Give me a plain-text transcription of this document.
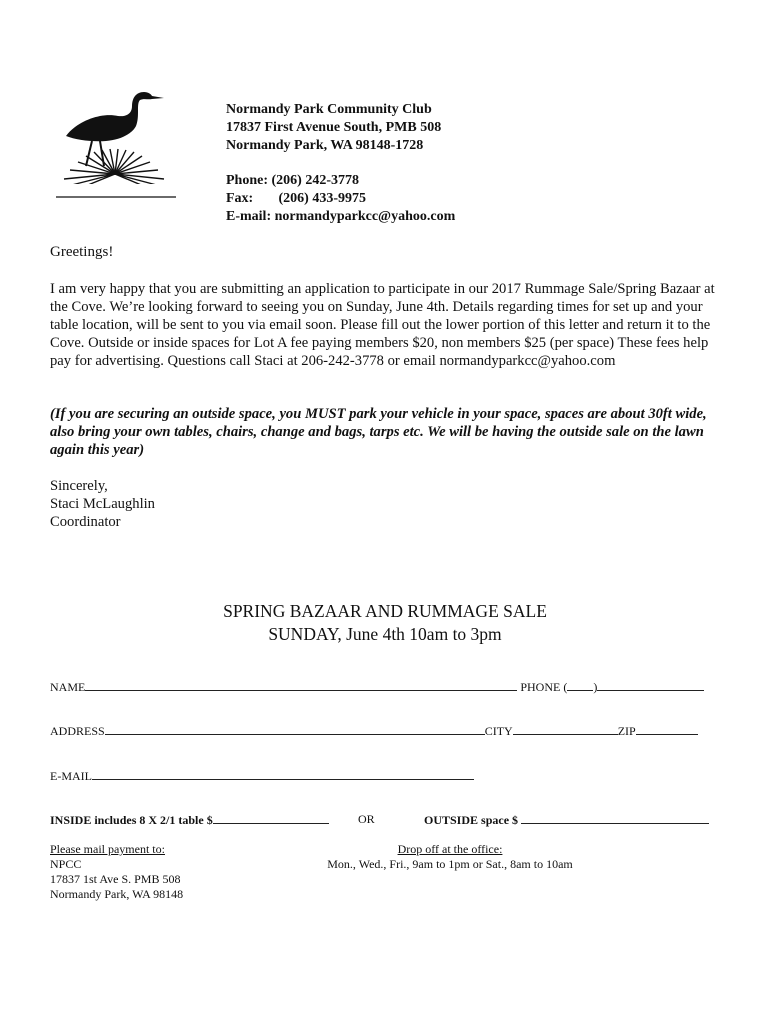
Normandy Park Community Club
17837 First Avenue South, PMB 508
Normandy Park, WA 98148-1728
Phone: (206) 242-3778
Fax: (206) 433-9975
E-mail: normandyparkcc@yahoo.com
Greetings!
I am very happy that you are submitting an application to participate in our 2017 Rummage Sale/Spring Bazaar at the Cove. We’re looking forward to seeing you on Sunday, June 4th. Details regarding times for set up and your table location, will be sent to you via email soon. Please fill out the lower portion of this letter and return it to the Cove. Outside or inside spaces for Lot A fee paying members $20, non members $25 (per space) These fees help pay for advertising. Questions call Staci at 206-242-3778 or email normandyparkcc@yahoo.com
(If you are securing an outside space, you MUST park your vehicle in your space, spaces are about 30ft wide, also bring your own tables, chairs, change and bags, tarps etc. We will be having the outside sale on the lawn again this year)
Sincerely,
Staci McLaughlin
Coordinator
SPRING BAZAAR AND RUMMAGE SALE
SUNDAY, June 4th 10am to 3pm
NAME	PHONE ( )
ADDRESS	CITY	ZIP
E-MAIL
INSIDE includes 8 X 2/1 table $	OR	OUTSIDE space $
Please mail payment to:
NPCC
17837 1st Ave S. PMB 508
Normandy Park, WA 98148
Drop off at the office:
Mon., Wed., Fri., 9am to 1pm or Sat., 8am to 10am
